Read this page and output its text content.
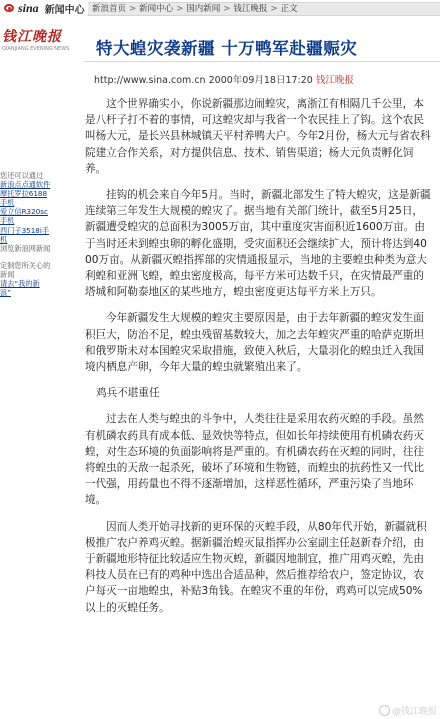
sina 新闻中心 新浪首页 > 新闻中心 > 国内新闻 > 钱江晚报 > 正文
钱江晚报
QIANJIANG EVENING NEWS 特大蝗灾袭新疆 十万鸭军赴疆赈灾
http://www.sina.com.cn 2000年09月18日17:20 钱江晚报
您还可以通过
新浪点点通软件
摩托罗拉6188
手机
爱立信R320sc
手机
西门子3518i手
机
浏览新浪网新闻
定制您所关心的
新闻
请去“我的新
浪”

这个世界确实小，你说新疆那边闹蝗灾，离浙江有相隔几千公里，本是八杆子打不着的事情，可这蝗灾却与我省一个农民挂上了钩。这个农民叫杨大元，是长兴县林城镇天平村养鸭大户。今年2月份，杨大元与省农科院建立合作关系，对方提供信息、技术、销售渠道；杨大元负责孵化饲养。

挂钩的机会来自今年5月。当时，新疆北部发生了特大蝗灾，这是新疆连续第三年发生大规模的蝗灾了。据当地有关部门统计，截至5月25日，新疆遭受蝗灾的总面积为3005万亩，其中重度灾害面积近1600万亩。由于当时还未到蝗虫卵的孵化盛期，受灾面积还会继续扩大，预计将达到4000万亩。从新疆灭蝗指挥部的灾情通报显示，当地的主要蝗虫种类为意大利蝗和亚洲飞蝗，蝗虫密度极高，每平方米可达数千只，在灾情最严重的塔城和阿勒泰地区的某些地方，蝗虫密度更达每平方米上万只。

今年新疆发生大规模的蝗灾主要原因是，由于去年新疆的蝗灾发生面积巨大，防治不足，蝗虫残留基数较大，加之去年蝗灾严重的哈萨克斯坦和俄罗斯未对本国蝗灾采取措施，致使入秋后，大量羽化的蝗虫迁入我国境内栖息产卵，今年大量的蝗虫就繁殖出来了。

鸡兵不堪重任

过去在人类与蝗虫的斗争中，人类往往是采用农药灭蝗的手段。虽然有机磷农药具有成本低、显效快等特点，但如长年持续使用有机磷农药灭蝗，对生态环境的负面影响将是严重的。有机磷农药在灭蝗的同时，往往将蝗虫的天敌一起杀死，破坏了环境和生物链，而蝗虫的抗药性又一代比一代强，用药量也不得不逐渐增加，这样恶性循环，严重污染了当地环境。

因而人类开始寻找新的更环保的灭蝗手段，从80年代开始，新疆就积极推广农户养鸡灭蝗。据新疆治蝗灭鼠指挥办公室副主任赵新春介绍，由于新疆地形特征比较适应生物灭蝗，新疆因地制宜，推广用鸡灭蝗，先由科技人员在已有的鸡种中选出合适品种，然后推荐给农户，签定协议，农户每灭一亩地蝗虫，补贴3角钱。在蝗灾不重的年份，鸡鸡可以完成50%以上的灭蝗任务。

@钱江晚报
